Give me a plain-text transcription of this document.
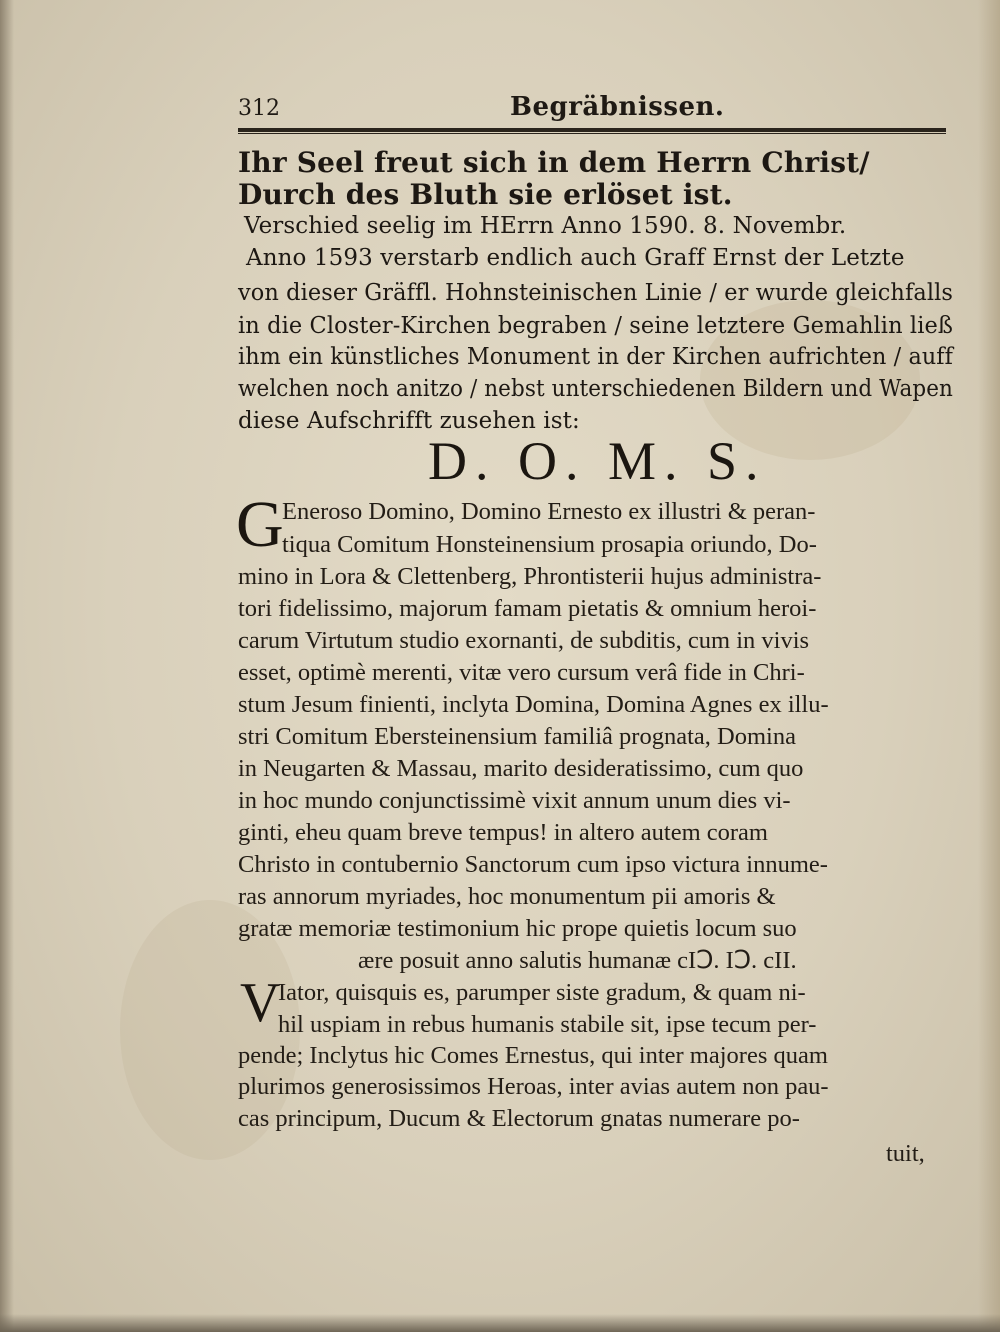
312	Begräbnissen.
Ihr Seel freut sich in dem Herrn Christ/
Durch des Bluth sie erlöset ist.
Verschied seelig im HErrn Anno 1590. 8. Novembr.
Anno 1593 verstarb endlich auch Graff Ernst der Letzte
von dieser Gräffl. Hohnsteinischen Linie / er wurde gleichfalls
in die Closter-Kirchen begraben / seine letztere Gemahlin ließ
ihm ein künstliches Monument in der Kirchen aufrichten / auff
welchen noch anitzo / nebst unterschiedenen Bildern und Wapen
diese Aufschrifft zusehen ist:
D. O. M. S.
G
Eneroso Domino, Domino Ernesto ex illustri & peran-
tiqua Comitum Honsteinensium prosapia oriundo, Do-
mino in Lora & Clettenberg, Phrontisterii hujus administra-
tori fidelissimo, majorum famam pietatis & omnium heroi-
carum Virtutum studio exornanti, de subditis, cum in vivis
esset, optimè merenti, vitæ vero cursum verâ fide in Chri-
stum Jesum finienti, inclyta Domina, Domina Agnes ex illu-
stri Comitum Ebersteinensium familiâ prognata, Domina
in Neugarten & Massau, marito desideratissimo, cum quo
in hoc mundo conjunctissimè vixit annum unum dies vi-
ginti, eheu quam breve tempus! in altero autem coram
Christo in contubernio Sanctorum cum ipso victura innume-
ras annorum myriades, hoc monumentum pii amoris &
gratæ memoriæ testimonium hic prope quietis locum suo
ære posuit anno salutis humanæ cIↃ. IↃ. cII.
V
Iator, quisquis es, parumper siste gradum, & quam ni-
hil uspiam in rebus humanis stabile sit, ipse tecum per-
pende; Inclytus hic Comes Ernestus, qui inter majores quam
plurimos generosissimos Heroas, inter avias autem non pau-
cas principum, Ducum & Electorum gnatas numerare po-
tuit,
